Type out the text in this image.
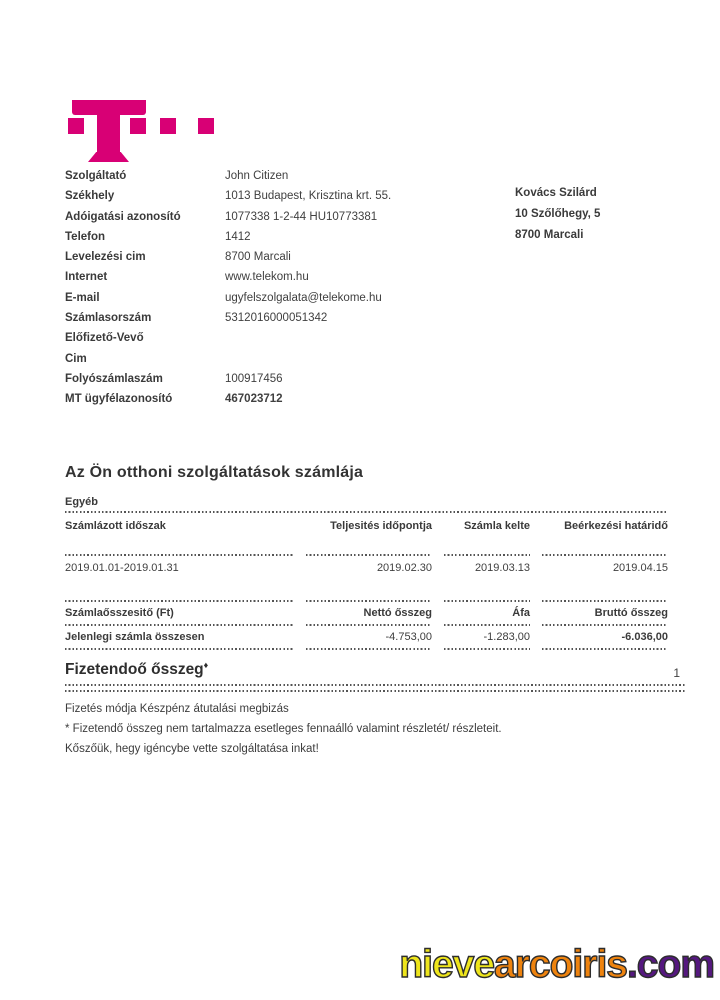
Szolgáltató	John Citizen
Székhely	1013 Budapest, Krisztina krt. 55.
Adóigatási azonosító	1077338 1-2-44 HU10773381
Telefon	1412
Levelezési cim	8700 Marcali
Internet	www.telekom.hu
E-mail	ugyfelszolgalata@telekome.hu
Számlasorszám	5312016000051342
Előfizető-Vevő
Cim
Folyószámlaszám	100917456
MT ügyfélazonosító	467023712
Kovács Szilárd
10 Szőlőhegy, 5
8700 Marcali
Az Ön otthoni szolgáltatások számlája
Egyéb
Számlázott időszak	Teljesités időpontja	Számla kelte	Beérkezési határidő
2019.01.01-2019.01.31	2019.02.30	2019.03.13	2019.04.15
Számlaősszesitő (Ft)	Nettó ősszeg	Áfa	Bruttó ősszeg
Jelenlegi számla összesen	-4.753,00	-1.283,00	-6.036,00
Fizetendoő ősszeg♦
1

Fizetés módja Készpénz átutalási megbizás

* Fizetendő összeg nem tartalmazza esetleges fennaálló valamint részletét/ részleteit.

Kőszőük, hegy igéncybe vette szolgáltatása inkat!

nievearcoiris.com
